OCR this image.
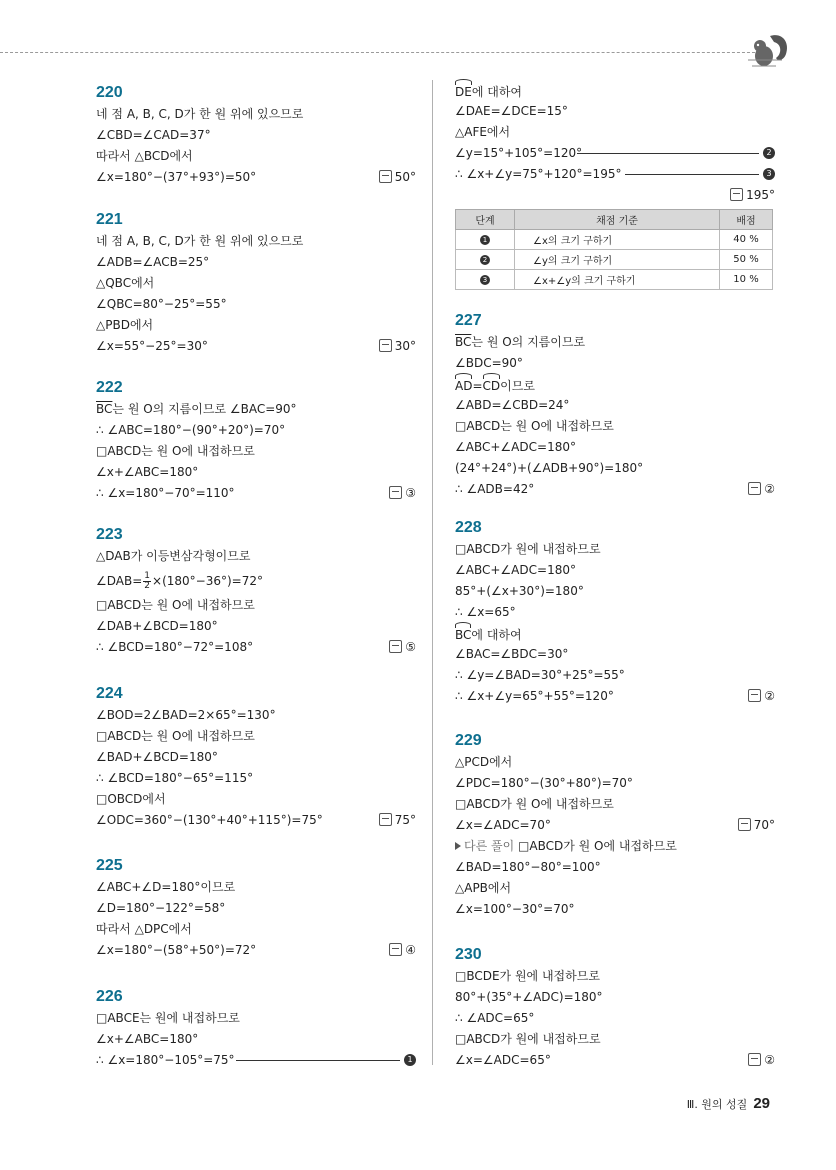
220
네 점 A, B, C, D가 한 원 위에 있으므로
∠CBD=∠CAD=37°
따라서 △BCD에서
∠x=180°−(37°+93°)=50°	50°
221
네 점 A, B, C, D가 한 원 위에 있으므로
∠ADB=∠ACB=25°
△QBC에서
∠QBC=80°−25°=55°
△PBD에서
∠x=55°−25°=30°	30°
222
$\overline{BC}$는 원 O의 지름이므로 ∠BAC=90°
∴ ∠ABC=180°−(90°+20°)=70°
□ABCD는 원 O에 내접하므로
∠x+∠ABC=180°
∴ ∠x=180°−70°=110°	③
223
△DAB가 이등변삼각형이므로
∠DAB= $\frac{1}{2} \times(180^\circ-36^\circ)=72^\circ$
□ABCD는 원 O에 내접하므로
∠DAB+∠BCD=180°
∴ ∠BCD=180°−72°=108°	⑤
224
∠BOD=2∠BAD=2×65°=130°
□ABCD는 원 O에 내접하므로
∠BAD+∠BCD=180°
∴ ∠BCD=180°−65°=115°
□OBCD에서
∠ODC=360°−(130°+40°+115°)=75°	75°
225
∠ABC+∠D=180°이므로
∠D=180°−122°=58°
따라서 △DPC에서
∠x=180°−(58°+50°)=72°	④
226
□ABCE는 원에 내접하므로
∠x+∠ABC=180°
∴ ∠x=180°−105°=75°	1
DE에 대하여
∠DAE=∠DCE=15°
△AFE에서
∠y=15°+105°=120°	2
∴ ∠x+∠y=75°+120°=195°	3
195°
227
$\overline{BC}$는 원 O의 지름이므로
∠BDC=90°
AD=CD이므로
∠ABD=∠CBD=24°
□ABCD는 원 O에 내접하므로
∠ABC+∠ADC=180°
(24°+24°)+(∠ADB+90°)=180°
∴ ∠ADB=42°	②
228
□ABCD가 원에 내접하므로
∠ABC+∠ADC=180°
85°+(∠x+30°)=180°
∴ ∠x=65°
BC에 대하여
∠BAC=∠BDC=30°
∴ ∠y=∠BAD=30°+25°=55°
∴ ∠x+∠y=65°+55°=120°	②
229
△PCD에서
∠PDC=180°−(30°+80°)=70°
□ABCD가 원 O에 내접하므로
∠x=∠ADC=70°	70°
다른 풀이 □ABCD가 원 O에 내접하므로
∠BAD=180°−80°=100°
△APB에서
∠x=100°−30°=70°
230
□BCDE가 원에 내접하므로
80°+(35°+∠ADC)=180°
∴ ∠ADC=65°
□ABCD가 원에 내접하므로
∠x=∠ADC=65°	②
단계	채점 기준	배점
1	∠x의 크기 구하기	40 %
2	∠y의 크기 구하기	50 %
3	∠x+∠y의 크기 구하기	10 %
Ⅲ. 원의 성질 29
